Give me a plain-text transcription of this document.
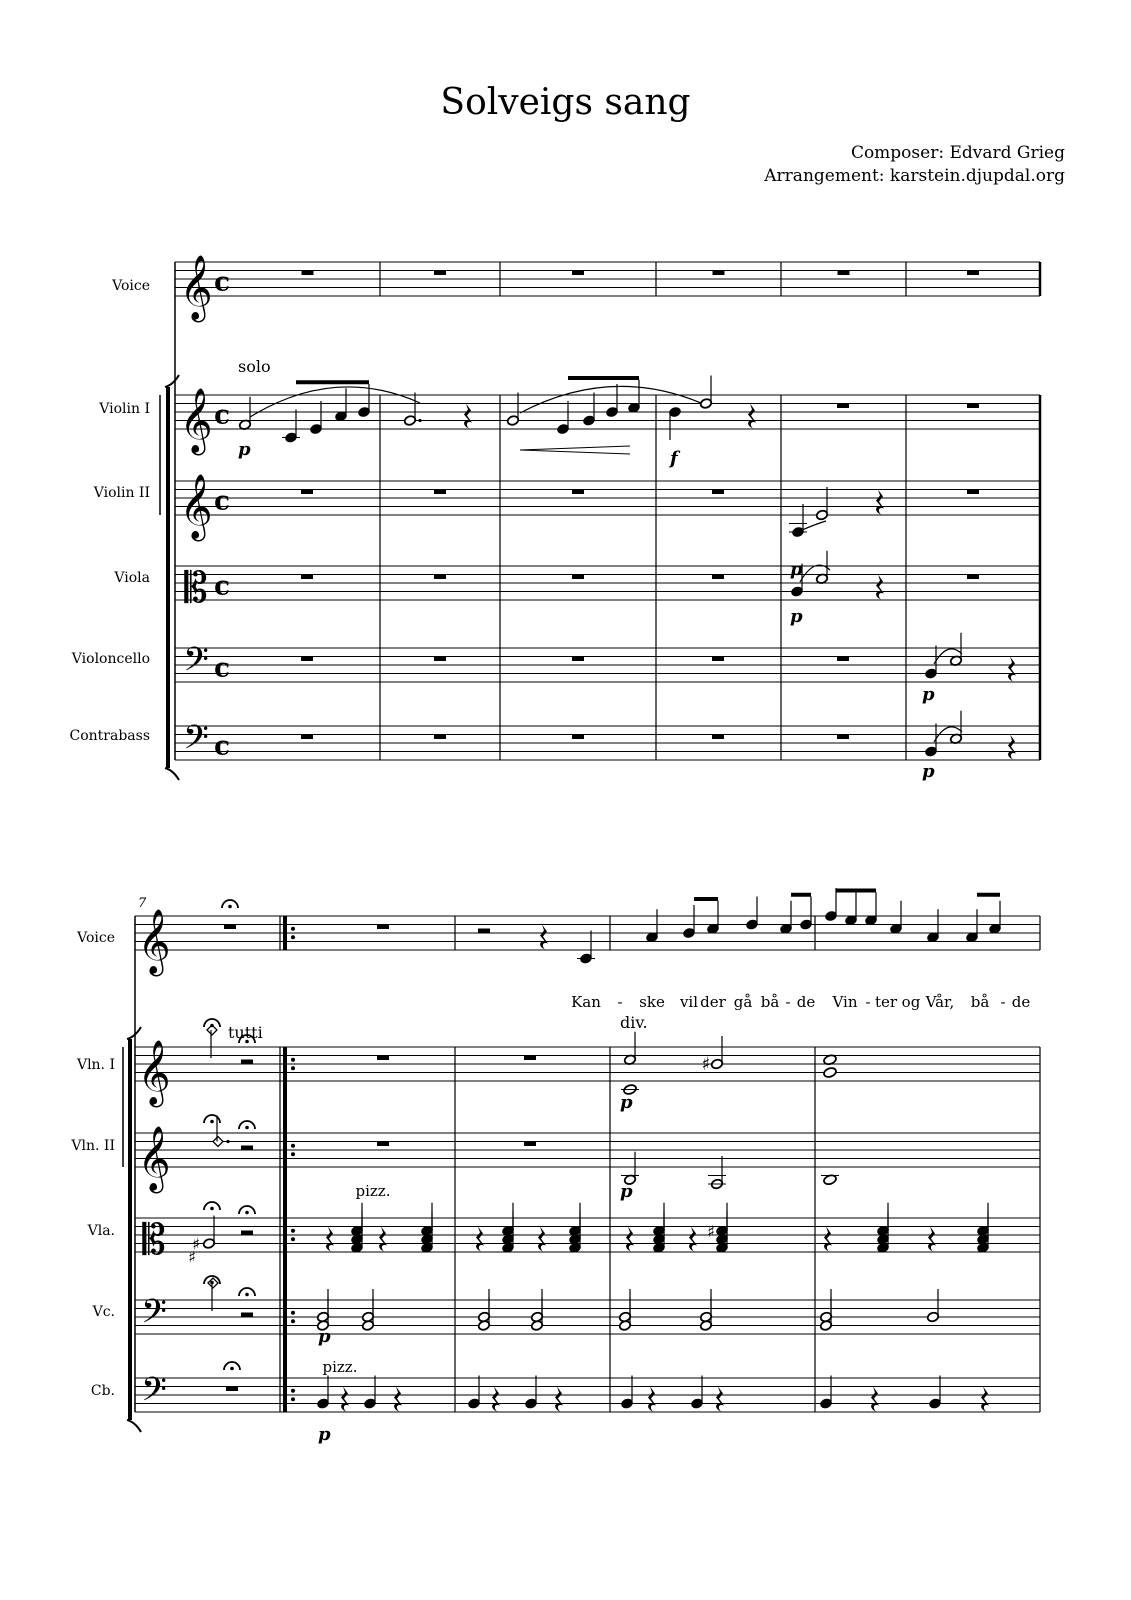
Solveigs sang
Composer: Edvard Grieg
Arrangement: karstein.djupdal.org
𝄞 c
𝄞 c
𝄞 c
𝄡 c
𝄢 c
𝄢 c
𝄞
𝄞
𝄞
𝄡
𝄢
𝄢
♯
♯
♯
♯
Voice
Violin I
Violin II
Viola
Violoncello
Contrabass
solo
p	f
p
p
p
p
Voice
Vln. I
Vln. II
Vla.
Vc.
Cb.
7
Kan - ske vil der gå bå - de Vin - ter og Vår, bå - de
tutti
div.
p
p
pizz.
p
pizz.
p
